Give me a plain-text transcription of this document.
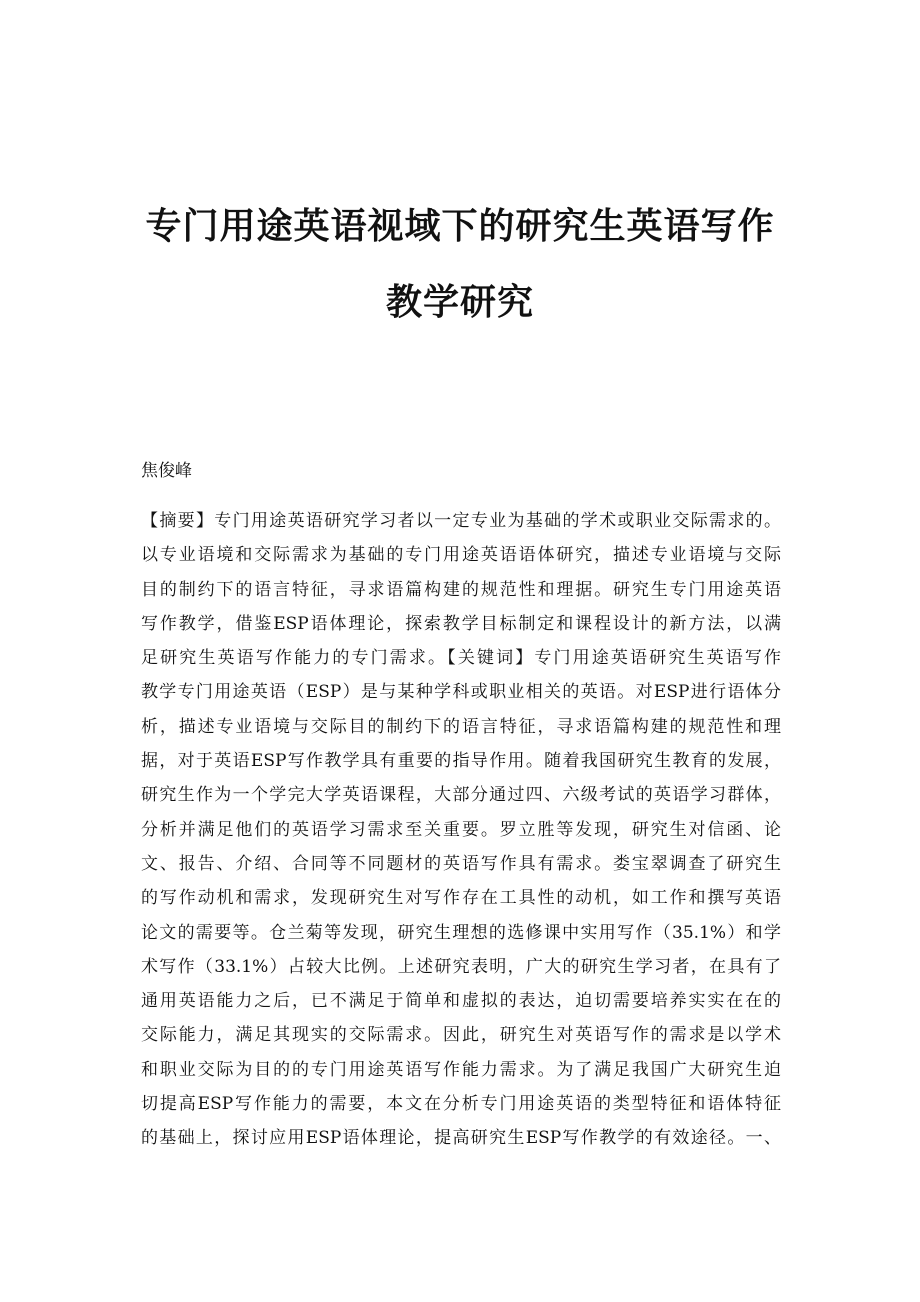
专门用途英语视域下的研究生英语写作
教学研究
焦俊峰
【摘要】专门用途英语研究学习者以一定专业为基础的学术或职业交际需求的。
以专业语境和交际需求为基础的专门用途英语语体研究，描述专业语境与交际
目的制约下的语言特征，寻求语篇构建的规范性和理据。研究生专门用途英语
写作教学，借鉴ESP语体理论，探索教学目标制定和课程设计的新方法，以满
足研究生英语写作能力的专门需求。【关键词】专门用途英语研究生英语写作
教学专门用途英语（ESP）是与某种学科或职业相关的英语。对ESP进行语体分
析，描述专业语境与交际目的制约下的语言特征，寻求语篇构建的规范性和理
据，对于英语ESP写作教学具有重要的指导作用。随着我国研究生教育的发展，
研究生作为一个学完大学英语课程，大部分通过四、六级考试的英语学习群体，
分析并满足他们的英语学习需求至关重要。罗立胜等发现，研究生对信函、论
文、报告、介绍、合同等不同题材的英语写作具有需求。娄宝翠调查了研究生
的写作动机和需求，发现研究生对写作存在工具性的动机，如工作和撰写英语
论文的需要等。仓兰菊等发现，研究生理想的选修课中实用写作（35.1%）和学
术写作（33.1%）占较大比例。上述研究表明，广大的研究生学习者，在具有了
通用英语能力之后，已不满足于简单和虚拟的表达，迫切需要培养实实在在的
交际能力，满足其现实的交际需求。因此，研究生对英语写作的需求是以学术
和职业交际为目的的专门用途英语写作能力需求。为了满足我国广大研究生迫
切提高ESP写作能力的需要，本文在分析专门用途英语的类型特征和语体特征
的基础上，探讨应用ESP语体理论，提高研究生ESP写作教学的有效途径。一、
